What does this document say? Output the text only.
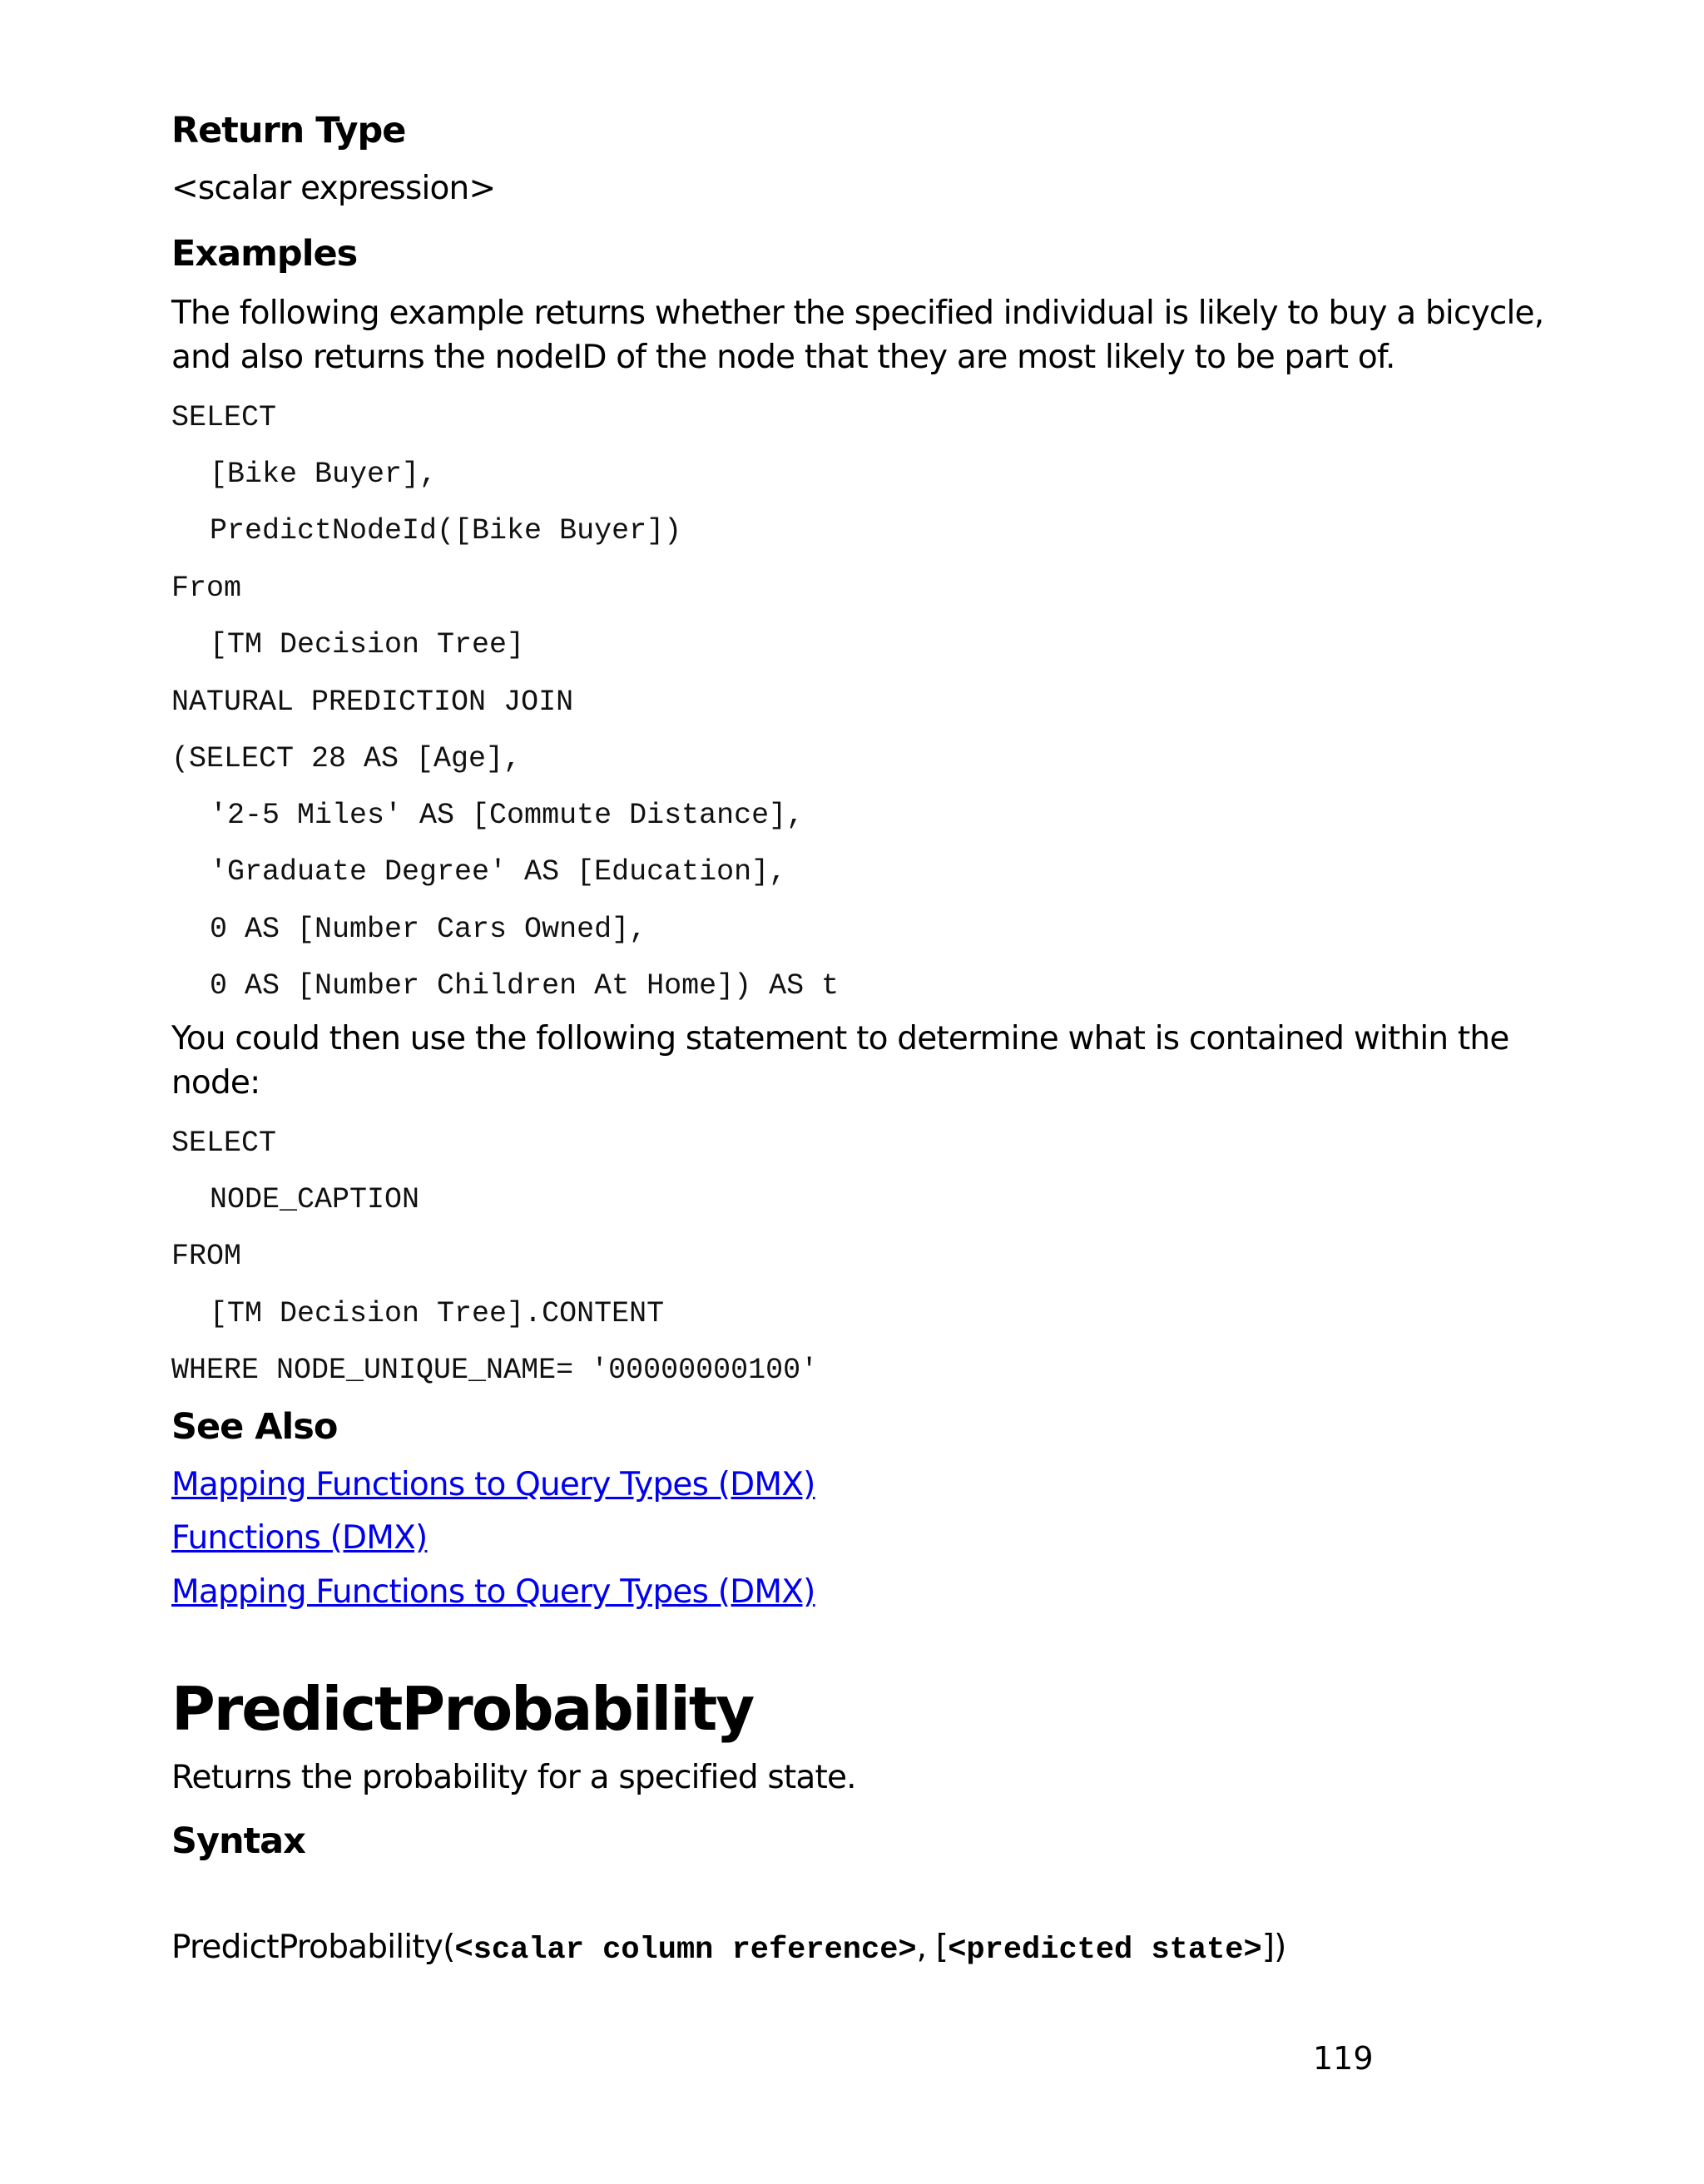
Return Type

<scalar expression>

Examples

The following example returns whether the specified individual is likely to buy a bicycle,

and also returns the nodeID of the node that they are most likely to be part of.

SELECT
[Bike Buyer],
PredictNodeId([Bike Buyer])
From
[TM Decision Tree]
NATURAL PREDICTION JOIN
(SELECT 28 AS [Age],
'2-5 Miles' AS [Commute Distance],
'Graduate Degree' AS [Education],
0 AS [Number Cars Owned],
0 AS [Number Children At Home]) AS t

You could then use the following statement to determine what is contained within the

node:

SELECT
NODE_CAPTION
FROM
[TM Decision Tree].CONTENT
WHERE NODE_UNIQUE_NAME= '00000000100'
See Also
Mapping Functions to Query Types (DMX)
Functions (DMX)
Mapping Functions to Query Types (DMX)
PredictProbability

Returns the probability for a specified state.

Syntax
PredictProbability(<scalar column reference>, [<predicted state>])
119
